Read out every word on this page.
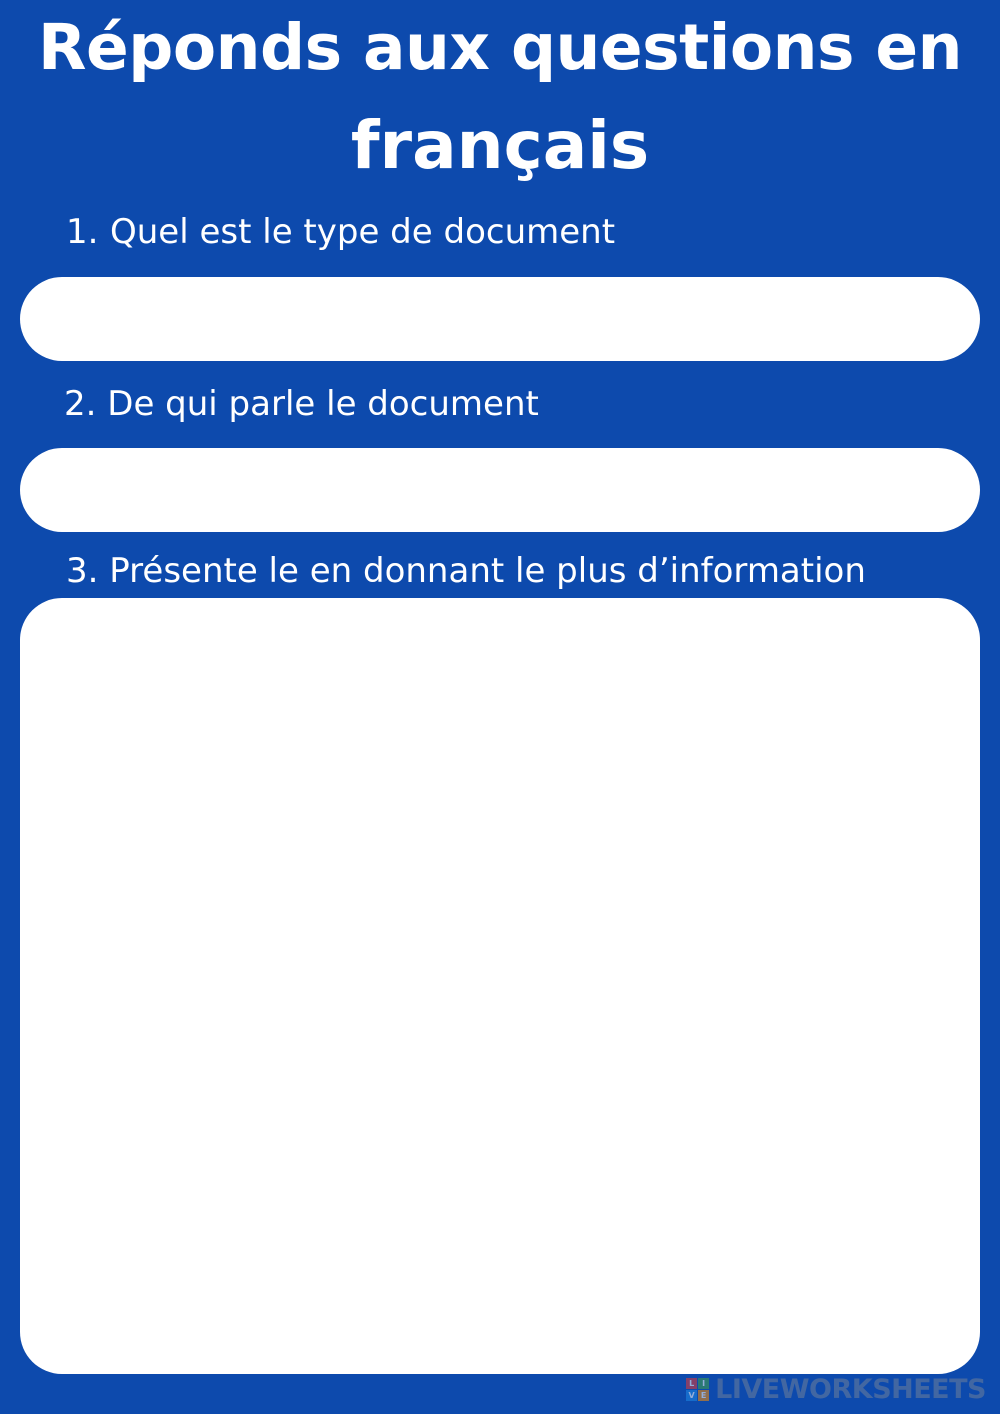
Réponds aux questions en
français
1. Quel est le type de document
2. De qui parle le document
3. Présente le en donnant le plus d’information
L I
V E LIVEWORKSHEETS
